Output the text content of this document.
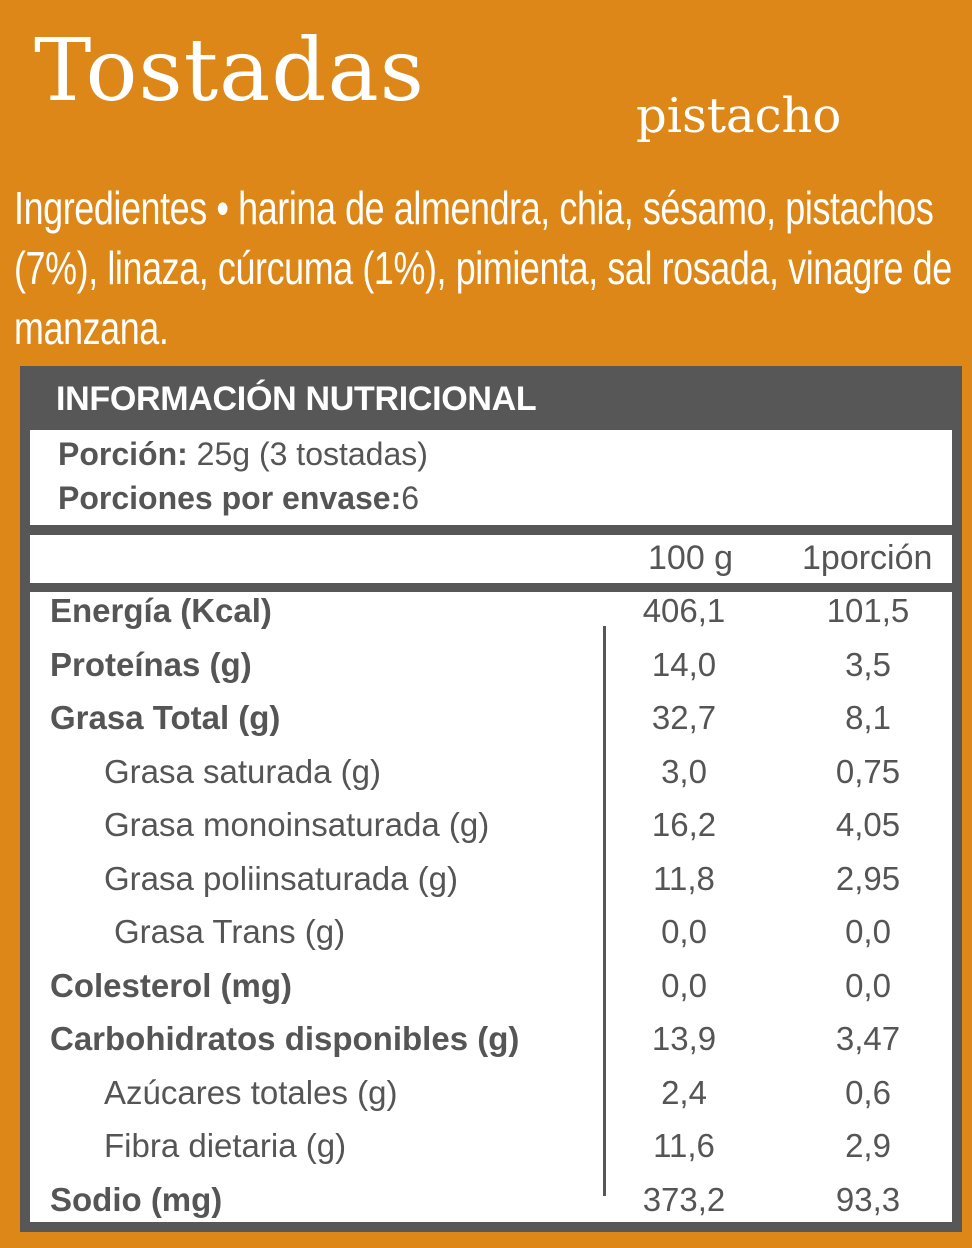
Tostadas	pistacho
Ingredientes • harina de almendra, chia, sésamo, pistachos (7%), linaza, cúrcuma (1%), pimienta, sal rosada, vinagre de manzana.
INFORMACIÓN NUTRICIONAL
Porción: 25g (3 tostadas)
Porciones por envase:6
100 g 1porción
Energía (Kcal)	406,1	101,5
Proteínas (g)	14,0	3,5
Grasa Total (g)	32,7	8,1
Grasa saturada (g)	3,0	0,75
Grasa monoinsaturada (g)	16,2	4,05
Grasa poliinsaturada (g)	11,8	2,95
Grasa Trans (g)	0,0	0,0
Colesterol (mg)	0,0	0,0
Carbohidratos disponibles (g)	13,9	3,47
Azúcares totales (g)	2,4	0,6
Fibra dietaria (g)	11,6	2,9
Sodio (mg)	373,2	93,3
